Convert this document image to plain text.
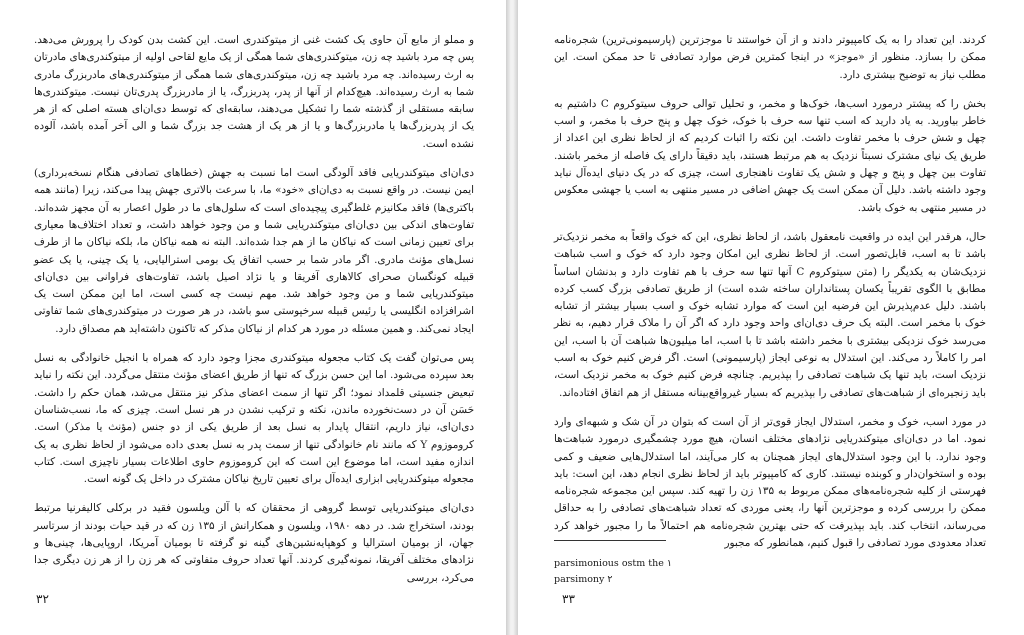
و مملو از مایع آن حاوی یک کشت غنی از میتوکندری است. این کشت بدن کودک را پرورش می‌دهد. پس چه مرد باشید چه زن، میتوکندری‌های شما همگی از یک مایع لقاحی اولیه از میتوکندری‌های مادرتان به ارث رسیده‌اند. چه مرد باشید چه زن، میتوکندری‌های شما همگی از میتوکندری‌های مادربزرگ مادری شما به ارث رسیده‌اند. هیچ‌کدام از آنها از پدر، پدربزرگ، یا از مادربزرگ پدری‌تان نیست. میتوکندری‌ها سابقه مستقلی از گذشته شما را تشکیل می‌دهند، سابقه‌ای که توسط دی‌ان‌ای هسته اصلی که از هر یک از پدربزرگ‌ها یا مادربزرگ‌ها و یا از هر یک از هشت جد بزرگ شما و الی آخر آمده باشد، آلوده نشده است.

دی‌ان‌ای میتوکندریایی فاقد آلودگی است اما نسبت به جهش (خطاهای تصادفی هنگام نسخه‌برداری) ایمن نیست. در واقع نسبت به دی‌ان‌ای «خود» ما، با سرعت بالاتری جهش پیدا می‌کند، زیرا (مانند همه باکتری‌ها) فاقد مکانیزم غلط‌گیری پیچیده‌ای است که سلول‌های ما در طول اعصار به آن مجهز شده‌اند. تفاوت‌های اندکی بین دی‌ان‌ای میتوکندریایی شما و من وجود خواهد داشت، و تعداد اختلاف‌ها معیاری برای تعیین زمانی است که نیاکان ما از هم جدا شده‌اند. البته نه همه نیاکان ما، بلکه نیاکان ما از طرف نسل‌های مؤنث مادری. اگر مادر شما بر حسب اتفاق یک بومی استرالیایی، یا یک چینی، یا یک عضو قبیله کونگسان صحرای کالاهاری آفریقا و یا نژاد اصیل باشد، تفاوت‌های فراوانی بین دی‌ان‌ای میتوکندریایی شما و من وجود خواهد شد. مهم نیست چه کسی است، اما این ممکن است یک اشرافزاده انگلیسی یا رئیس قبیله سرخپوستی سو باشد، در هر صورت در میتوکندری‌های شما تفاوتی ایجاد نمی‌کند. و همین مسئله در مورد هر کدام از نیاکان مذکر که تاکنون داشته‌اید هم مصداق دارد.

پس می‌توان گفت یک کتاب مجعوله میتوکندری مجزا وجود دارد که همراه با انجیل خانوادگی به نسل بعد سپرده می‌شود. اما این حسن بزرگ که تنها از طریق اعضای مؤنث منتقل می‌گردد. این نکته را نباید تبعیض جنسیتی قلمداد نمود؛ اگر تنها از سمت اعضای مذکر نیز منتقل می‌شد، همان حکم را داشت. حَسَن آن در دست‌نخورده ماندن، نکته و ترکیب نشدن در هر نسل است. چیزی که ما، نسب‌شناسان دی‌ان‌ای، نیاز داریم، انتقال پایدار به نسل بعد از طریق یکی از دو جنس (مؤنث یا مذکر) است. کروموزوم Y که مانند نام خانوادگی تنها از سمت پدر به نسل بعدی داده می‌شود از لحاظ نظری به یک اندازه مفید است، اما موضوع این است که این کروموزوم حاوی اطلاعات بسیار ناچیزی است. کتاب مجعوله میتوکندریایی ابزاری ایده‌آل برای تعیین تاریخ نیاکان مشترک در داخل یک گونه است.

دی‌ان‌ای میتوکندریایی توسط گروهی از محققان که با آلن ویلسون فقید در برکلی کالیفرنیا مرتبط بودند، استخراج شد. در دهه ۱۹۸۰، ویلسون و همکارانش از ۱۳۵ زن که در قید حیات بودند از سرتاسر جهان، از بومیان استرالیا و کوهپایه‌نشین‌های گینه نو گرفته تا بومیان آمریکا، اروپایی‌ها، چینی‌ها و نژادهای مختلف آفریقا، نمونه‌گیری کردند. آنها تعداد حروف متفاوتی که هر زن را از هر زن دیگری جدا می‌کرد، بررسی

۳۲

کردند. این تعداد را به یک کامپیوتر دادند و از آن خواستند تا موجزترین (پارسیمونی‌ترین) شجره‌نامه ممکن را بسازد. منظور از «موجز» در اینجا کمترین فرض موارد تصادفی تا حد ممکن است. این مطلب نیاز به توضیح بیشتری دارد.

بخش را که پیشتر درمورد اسب‌ها، خوک‌ها و مخمر، و تحلیل توالی حروف سیتوکروم C داشتیم به خاطر بیاورید. به یاد دارید که اسب تنها سه حرف با خوک، خوک چهل و پنج حرف با مخمر، و اسب چهل و شش حرف با مخمر تفاوت داشت. این نکته را اثبات کردیم که از لحاظ نظری این اعداد از طریق یک نیای مشترک نسبتاً نزدیک به هم مرتبط هستند، باید دقیقاً دارای یک فاصله از مخمر باشند. تفاوت بین چهل و پنج و چهل و شش یک تفاوت ناهنجاری است، چیزی که در یک دنیای ایده‌آل نباید وجود داشته باشد. دلیل آن ممکن است یک جهش اضافی در مسیر منتهی به اسب یا جهشی معکوس در مسیر منتهی به خوک باشد.

حال، هرقدر این ایده در واقعیت نامعقول باشد، از لحاظ نظری، این که خوک واقعاً به مخمر نزدیک‌تر باشد تا به اسب، قابل‌تصور است. از لحاظ نظری این امکان وجود دارد که خوک و اسب شباهت نزدیک‌شان به یکدیگر را (متن سیتوکروم C آنها تنها سه حرف با هم تفاوت دارد و بدنشان اساساً مطابق با الگوی تقریباً یکسان پستانداران ساخته شده است) از طریق تصادفی بزرگ کسب کرده باشند. دلیل عدم‌پذیرش این فرضیه این است که موارد تشابه خوک و اسب بسیار بیشتر از تشابه خوک با مخمر است. البته یک حرف دی‌ان‌ای واحد وجود دارد که اگر آن را ملاک قرار دهیم، به نظر می‌رسد خوک نزدیکی بیشتری با مخمر داشته باشد تا با اسب، اما میلیون‌ها شباهت آن با اسب، این امر را کاملاً رد می‌کند. این استدلال به نوعی ایجاز (پارسیمونی) است. اگر فرض کنیم خوک به اسب نزدیک است، باید تنها یک شباهت تصادفی را بپذیریم. چنانچه فرض کنیم خوک به مخمر نزدیک است، باید زنجیره‌ای از شباهت‌های تصادفی را بپذیریم که بسیار غیرواقع‌بینانه مستقل از هم اتفاق افتاده‌اند.

در مورد اسب، خوک و مخمر، استدلال ایجاز قوی‌تر از آن است که بتوان در آن شک و شبهه‌ای وارد نمود. اما در دی‌ان‌ای میتوکندریایی نژادهای مختلف انسان، هیچ مورد چشمگیری درمورد شباهت‌ها وجود ندارد. با این وجود استدلال‌های ایجاز همچنان به کار می‌آیند، اما استدلال‌هایی ضعیف و کمی بوده و استخوان‌دار و کوبنده نیستند. کاری که کامپیوتر باید از لحاظ نظری انجام دهد، این است: باید فهرستی از کلیه شجره‌نامه‌های ممکن مربوط به ۱۳۵ زن را تهیه کند. سپس این مجموعه شجره‌نامه ممکن را بررسی کرده و موجزترین آنها را، یعنی موردی که تعداد شباهت‌های تصادفی را به حداقل می‌رساند، انتخاب کند. باید بپذیرفت که حتی بهترین شجره‌نامه هم احتمالاً ما را مجبور خواهد کرد تعداد معدودی مورد تصادفی را قبول کنیم، همانطور که مجبور

parsimonious ostm the ۱
parsimony ۲
۳۳
